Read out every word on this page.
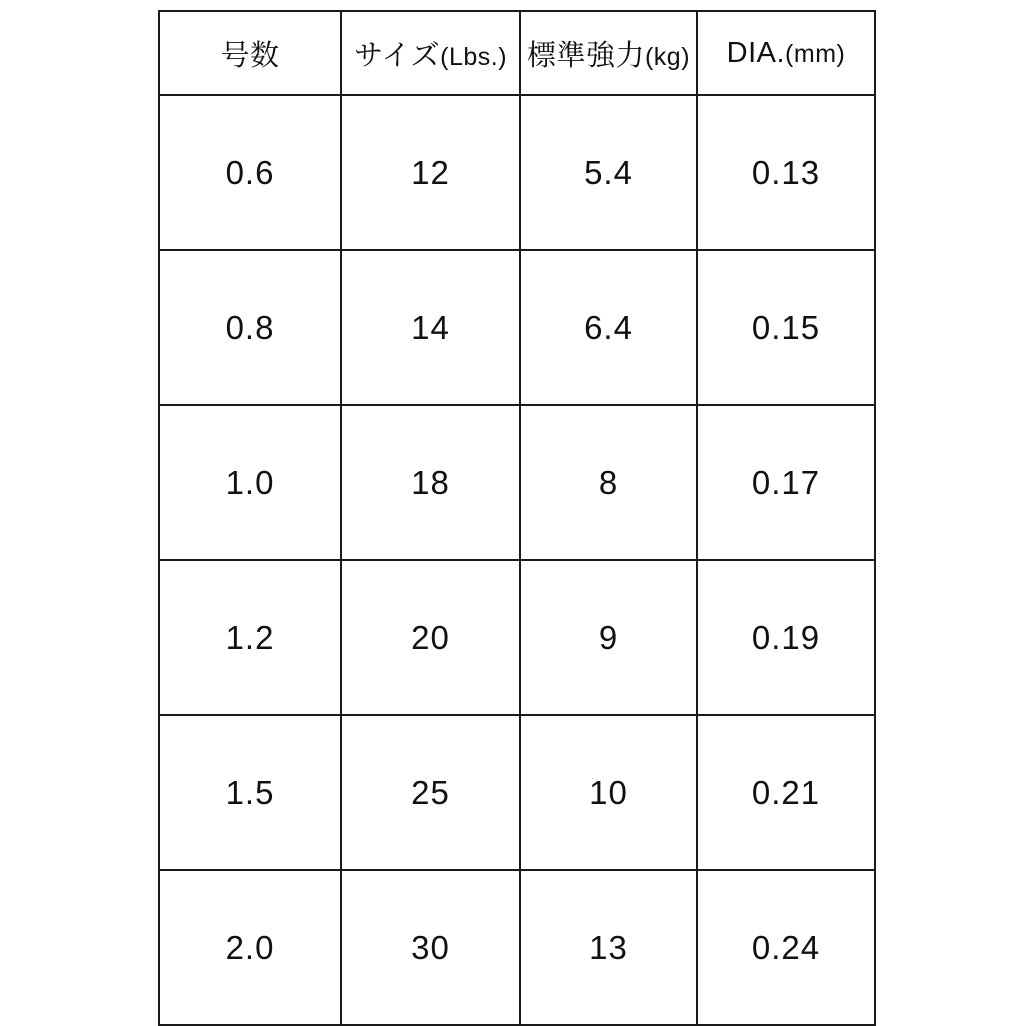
号数	サイズ(Lbs.)	標準強力(kg)	DIA.(mm)
0.6	12	5.4	0.13
0.8	14	6.4	0.15
1.0	18	8	0.17
1.2	20	9	0.19
1.5	25	10	0.21
2.0	30	13	0.24
